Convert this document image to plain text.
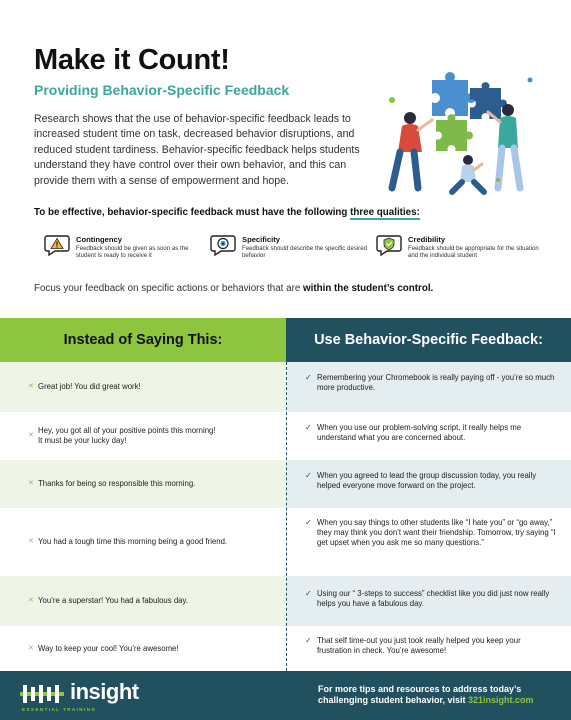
Make it Count!
Providing Behavior-Specific Feedback
Research shows that the use of behavior-specific feedback leads to increased student time on task, decreased behavior disruptions, and reduced student tardiness. Behavior-specific feedback helps students understand they have control over their own behavior, and this can provide them with a sense of empowerment and hope.
To be effective, behavior-specific feedback must have the following three qualities:
Contingency
Feedback should be given as soon as the student is ready to receive it
Specificity
Feedback should describe the specific desired behavior
Credibility
Feedback should be appropriate for the situation and the individual student
Focus your feedback on specific actions or behaviors that are within the student’s control.
Instead of Saying This:	Use Behavior-Specific Feedback:
✕ Great job! You did great work!
✕
Hey, you got all of your positive points this morning!
It must be your lucky day!
✕ Thanks for being so responsible this morning.
✕ You had a tough time this morning being a good friend.
✕ You’re a superstar! You had a fabulous day.
✕ Way to keep your cool! You’re awesome!
✓ Remembering your Chromebook is really paying off - you’re so much more productive.
✓ When you use our problem-solving script, it really helps me understand what you are concerned about.
✓ When you agreed to lead the group discussion today, you really helped everyone move forward on the project.
✓ When you say things to other students like “I hate you” or “go away,” they may think you don’t want their friendship. Tomorrow, try saying “I get upset when you ask me so many questions.”
✓ Using our “ 3-steps to success” checklist like you did just now really helps you have a fabulous day.
✓ That self time-out you just took really helped you keep your frustration in check. You’re awesome!
insight
ESSENTIAL TRAINING
For more tips and resources to address today’s
challenging student behavior, visit 321insight.com
